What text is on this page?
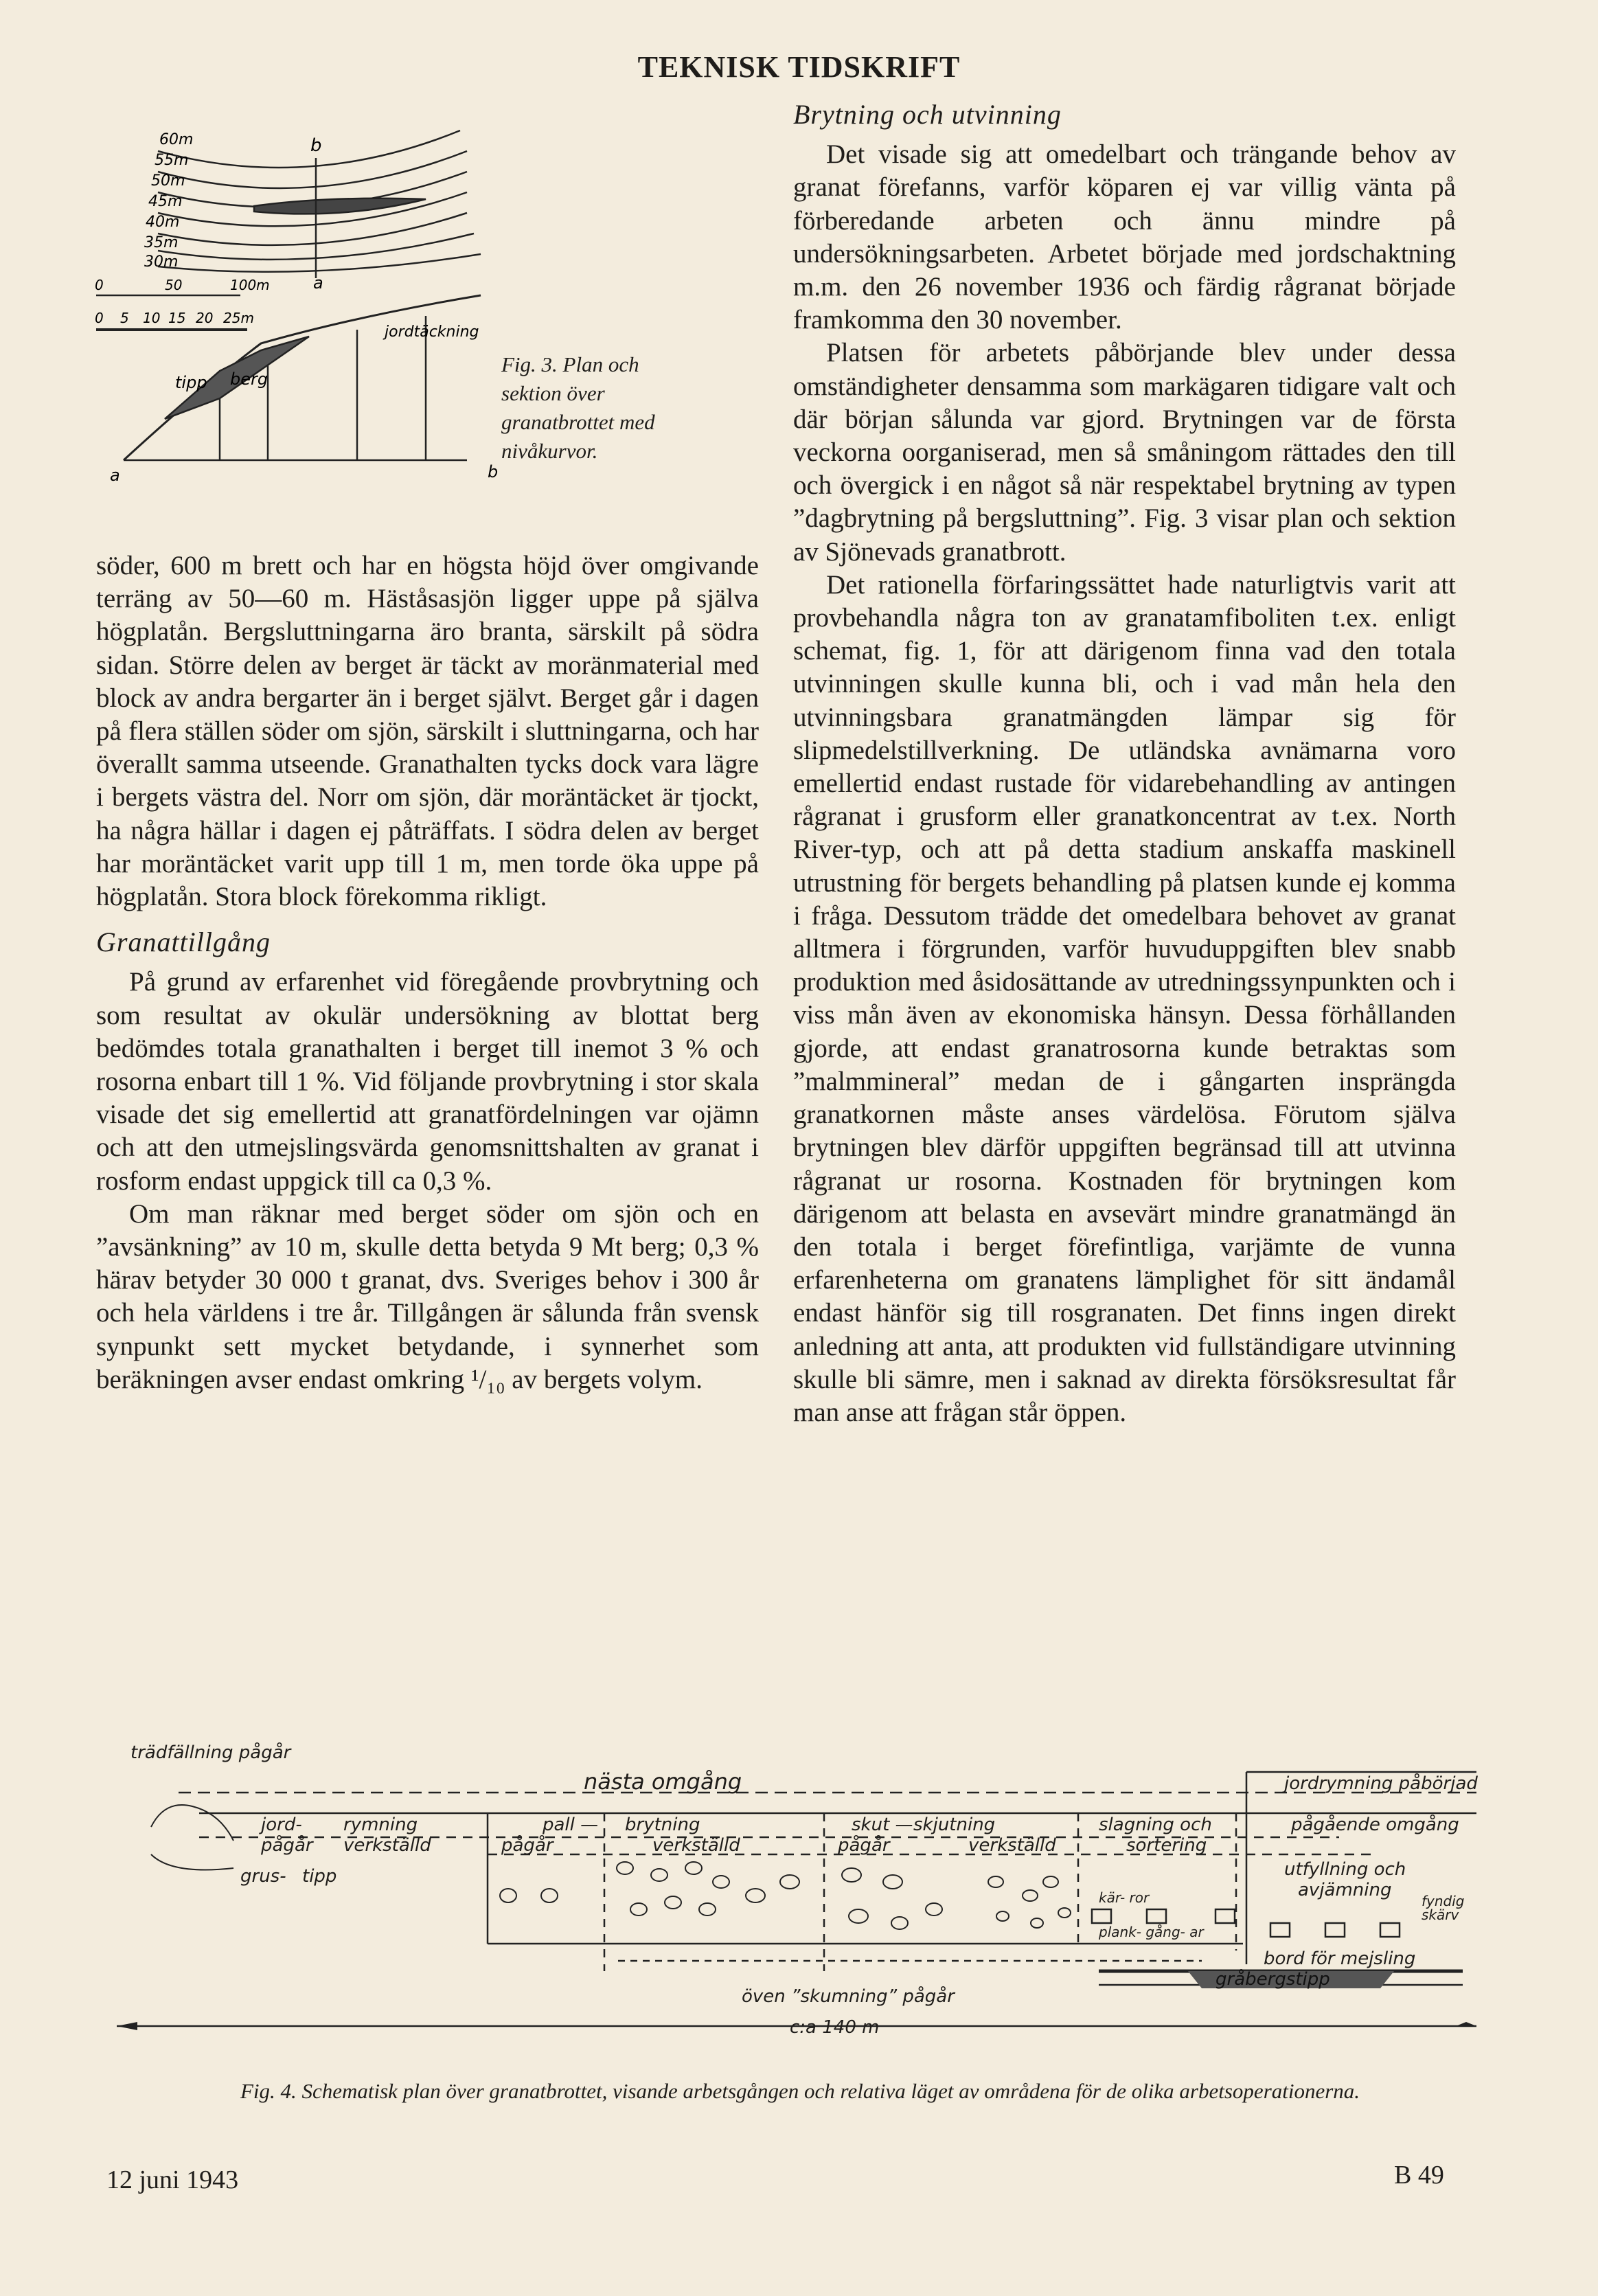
TEKNISK TIDSKRIFT
60m
55m
50m
45m
40m
35m
30m
b
a
0	50	100m
0 5 10 15 20 25m
jordtäckning
tipp berg
a	b
Fig. 3. Plan och sektion över granatbrottet med nivåkurvor.

söder, 600 m brett och har en högsta höjd över omgivande terräng av 50—60 m. Häståsasjön ligger uppe på själva högplatån. Bergsluttningarna äro branta, särskilt på södra sidan. Större delen av berget är täckt av moränmaterial med block av andra bergarter än i berget självt. Berget går i dagen på flera ställen söder om sjön, särskilt i sluttningarna, och har överallt samma utseende. Granathalten tycks dock vara lägre i bergets västra del. Norr om sjön, där moräntäcket är tjockt, ha några hällar i dagen ej påträffats. I södra delen av berget har moräntäcket varit upp till 1 m, men torde öka uppe på högplatån. Stora block förekomma rikligt.

Granattillgång

På grund av erfarenhet vid föregående provbrytning och som resultat av okulär undersökning av blottat berg bedömdes totala granathalten i berget till inemot 3 % och rosorna enbart till 1 %. Vid följande provbrytning i stor skala visade det sig emellertid att granatfördelningen var ojämn och att den utmejslingsvärda genomsnittshalten av granat i rosform endast uppgick till ca 0,3 %.

Om man räknar med berget söder om sjön och en ”avsänkning” av 10 m, skulle detta betyda 9 Mt berg; 0,3 % härav betyder 30 000 t granat, dvs. Sveriges behov i 300 år och hela världens i tre år. Tillgången är sålunda från svensk synpunkt sett mycket betydande, i synnerhet som beräkningen avser endast omkring ¹/₁₀ av bergets volym.

Brytning och utvinning

Det visade sig att omedelbart och trängande behov av granat förefanns, varför köparen ej var villig vänta på förberedande arbeten och ännu mindre på undersökningsarbeten. Arbetet började med jordschaktning m.m. den 26 november 1936 och färdig rågranat började framkomma den 30 november.

Platsen för arbetets påbörjande blev under dessa omständigheter densamma som markägaren tidigare valt och där början sålunda var gjord. Brytningen var de första veckorna oorganiserad, men så småningom rättades den till och övergick i en något så när respektabel brytning av typen ”dagbrytning på bergsluttning”. Fig. 3 visar plan och sektion av Sjönevads granatbrott.

Det rationella förfaringssättet hade naturligtvis varit att provbehandla några ton av granatamfiboliten t.ex. enligt schemat, fig. 1, för att därigenom finna vad den totala utvinningen skulle kunna bli, och i vad mån hela den utvinningsbara granatmängden lämpar sig för slipmedelstillverkning. De utländska avnämarna voro emellertid endast rustade för vidarebehandling av antingen rågranat i grusform eller granatkoncentrat av t.ex. North River-typ, och att på detta stadium anskaffa maskinell utrustning för bergets behandling på platsen kunde ej komma i fråga. Dessutom trädde det omedelbara behovet av granat alltmera i förgrunden, varför huvuduppgiften blev snabb produktion med åsidosättande av utredningssynpunkten och i viss mån även av ekonomiska hänsyn. Dessa förhållanden gjorde, att endast granatrosorna kunde betraktas som ”malmmineral” medan de i gångarten insprängda granatkornen måste anses värdelösa. Förutom själva brytningen blev därför uppgiften begränsad till att utvinna rågranat ur rosorna. Kostnaden för brytningen kom därigenom att belasta en avsevärt mindre granatmängd än den totala i berget förefintliga, varjämte de vunna erfarenheterna om granatens lämplighet för sitt ändamål endast hänför sig till rosgranaten. Det finns ingen direkt anledning att anta, att produkten vid fullständigare utvinning skulle bli sämre, men i saknad av direkta försöksresultat får man anse att frågan står öppen.

trädfällning pågår
nästa omgång	jordrymning påbörjad
pågående omgång
jord- rymning
pågår verkställd
grus- tipp
pall —
pågår
brytning
verkställd
skut —
pågår
skjutning
verkställd
slagning och
sortering
utfyllning och
avjämning
kär- ror
plank- gång- ar
fyndig
skärv
bord för mejsling
gråbergstipp
öven ”skumning” pågår
c:a 140 m
Fig. 4. Schematisk plan över granatbrottet, visande arbetsgången och relativa läget av områdena för de olika arbetsoperationerna.
12 juni 1943	B 49
